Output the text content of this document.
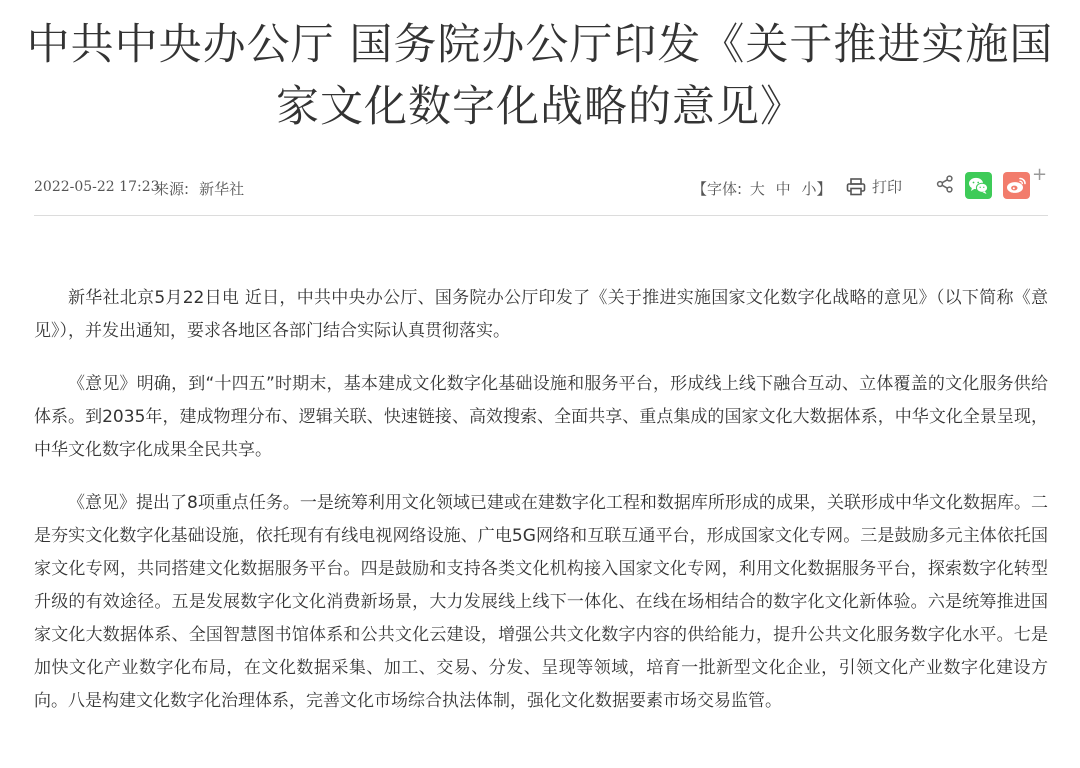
中共中央办公厅 国务院办公厅印发《关于推进实施国家文化数字化战略的意见》
2022-05-22 17:23
来源: 新华社	【字体: 大 中 小】	打印
+

新华社北京5月22日电 近日，中共中央办公厅、国务院办公厅印发了《关于推进实施国家文化数字化战略的意见》（以下简称《意见》），并发出通知，要求各地区各部门结合实际认真贯彻落实。

《意见》明确，到“十四五”时期末，基本建成文化数字化基础设施和服务平台，形成线上线下融合互动、立体覆盖的文化服务供给体系。到2035年，建成物理分布、逻辑关联、快速链接、高效搜索、全面共享、重点集成的国家文化大数据体系，中华文化全景呈现，中华文化数字化成果全民共享。

《意见》提出了8项重点任务。一是统筹利用文化领域已建或在建数字化工程和数据库所形成的成果，关联形成中华文化数据库。二是夯实文化数字化基础设施，依托现有有线电视网络设施、广电5G网络和互联互通平台，形成国家文化专网。三是鼓励多元主体依托国家文化专网，共同搭建文化数据服务平台。四是鼓励和支持各类文化机构接入国家文化专网，利用文化数据服务平台，探索数字化转型升级的有效途径。五是发展数字化文化消费新场景，大力发展线上线下一体化、在线在场相结合的数字化文化新体验。六是统筹推进国家文化大数据体系、全国智慧图书馆体系和公共文化云建设，增强公共文化数字内容的供给能力，提升公共文化服务数字化水平。七是加快文化产业数字化布局，在文化数据采集、加工、交易、分发、呈现等领域，培育一批新型文化企业，引领文化产业数字化建设方向。八是构建文化数字化治理体系，完善文化市场综合执法体制，强化文化数据要素市场交易监管。
